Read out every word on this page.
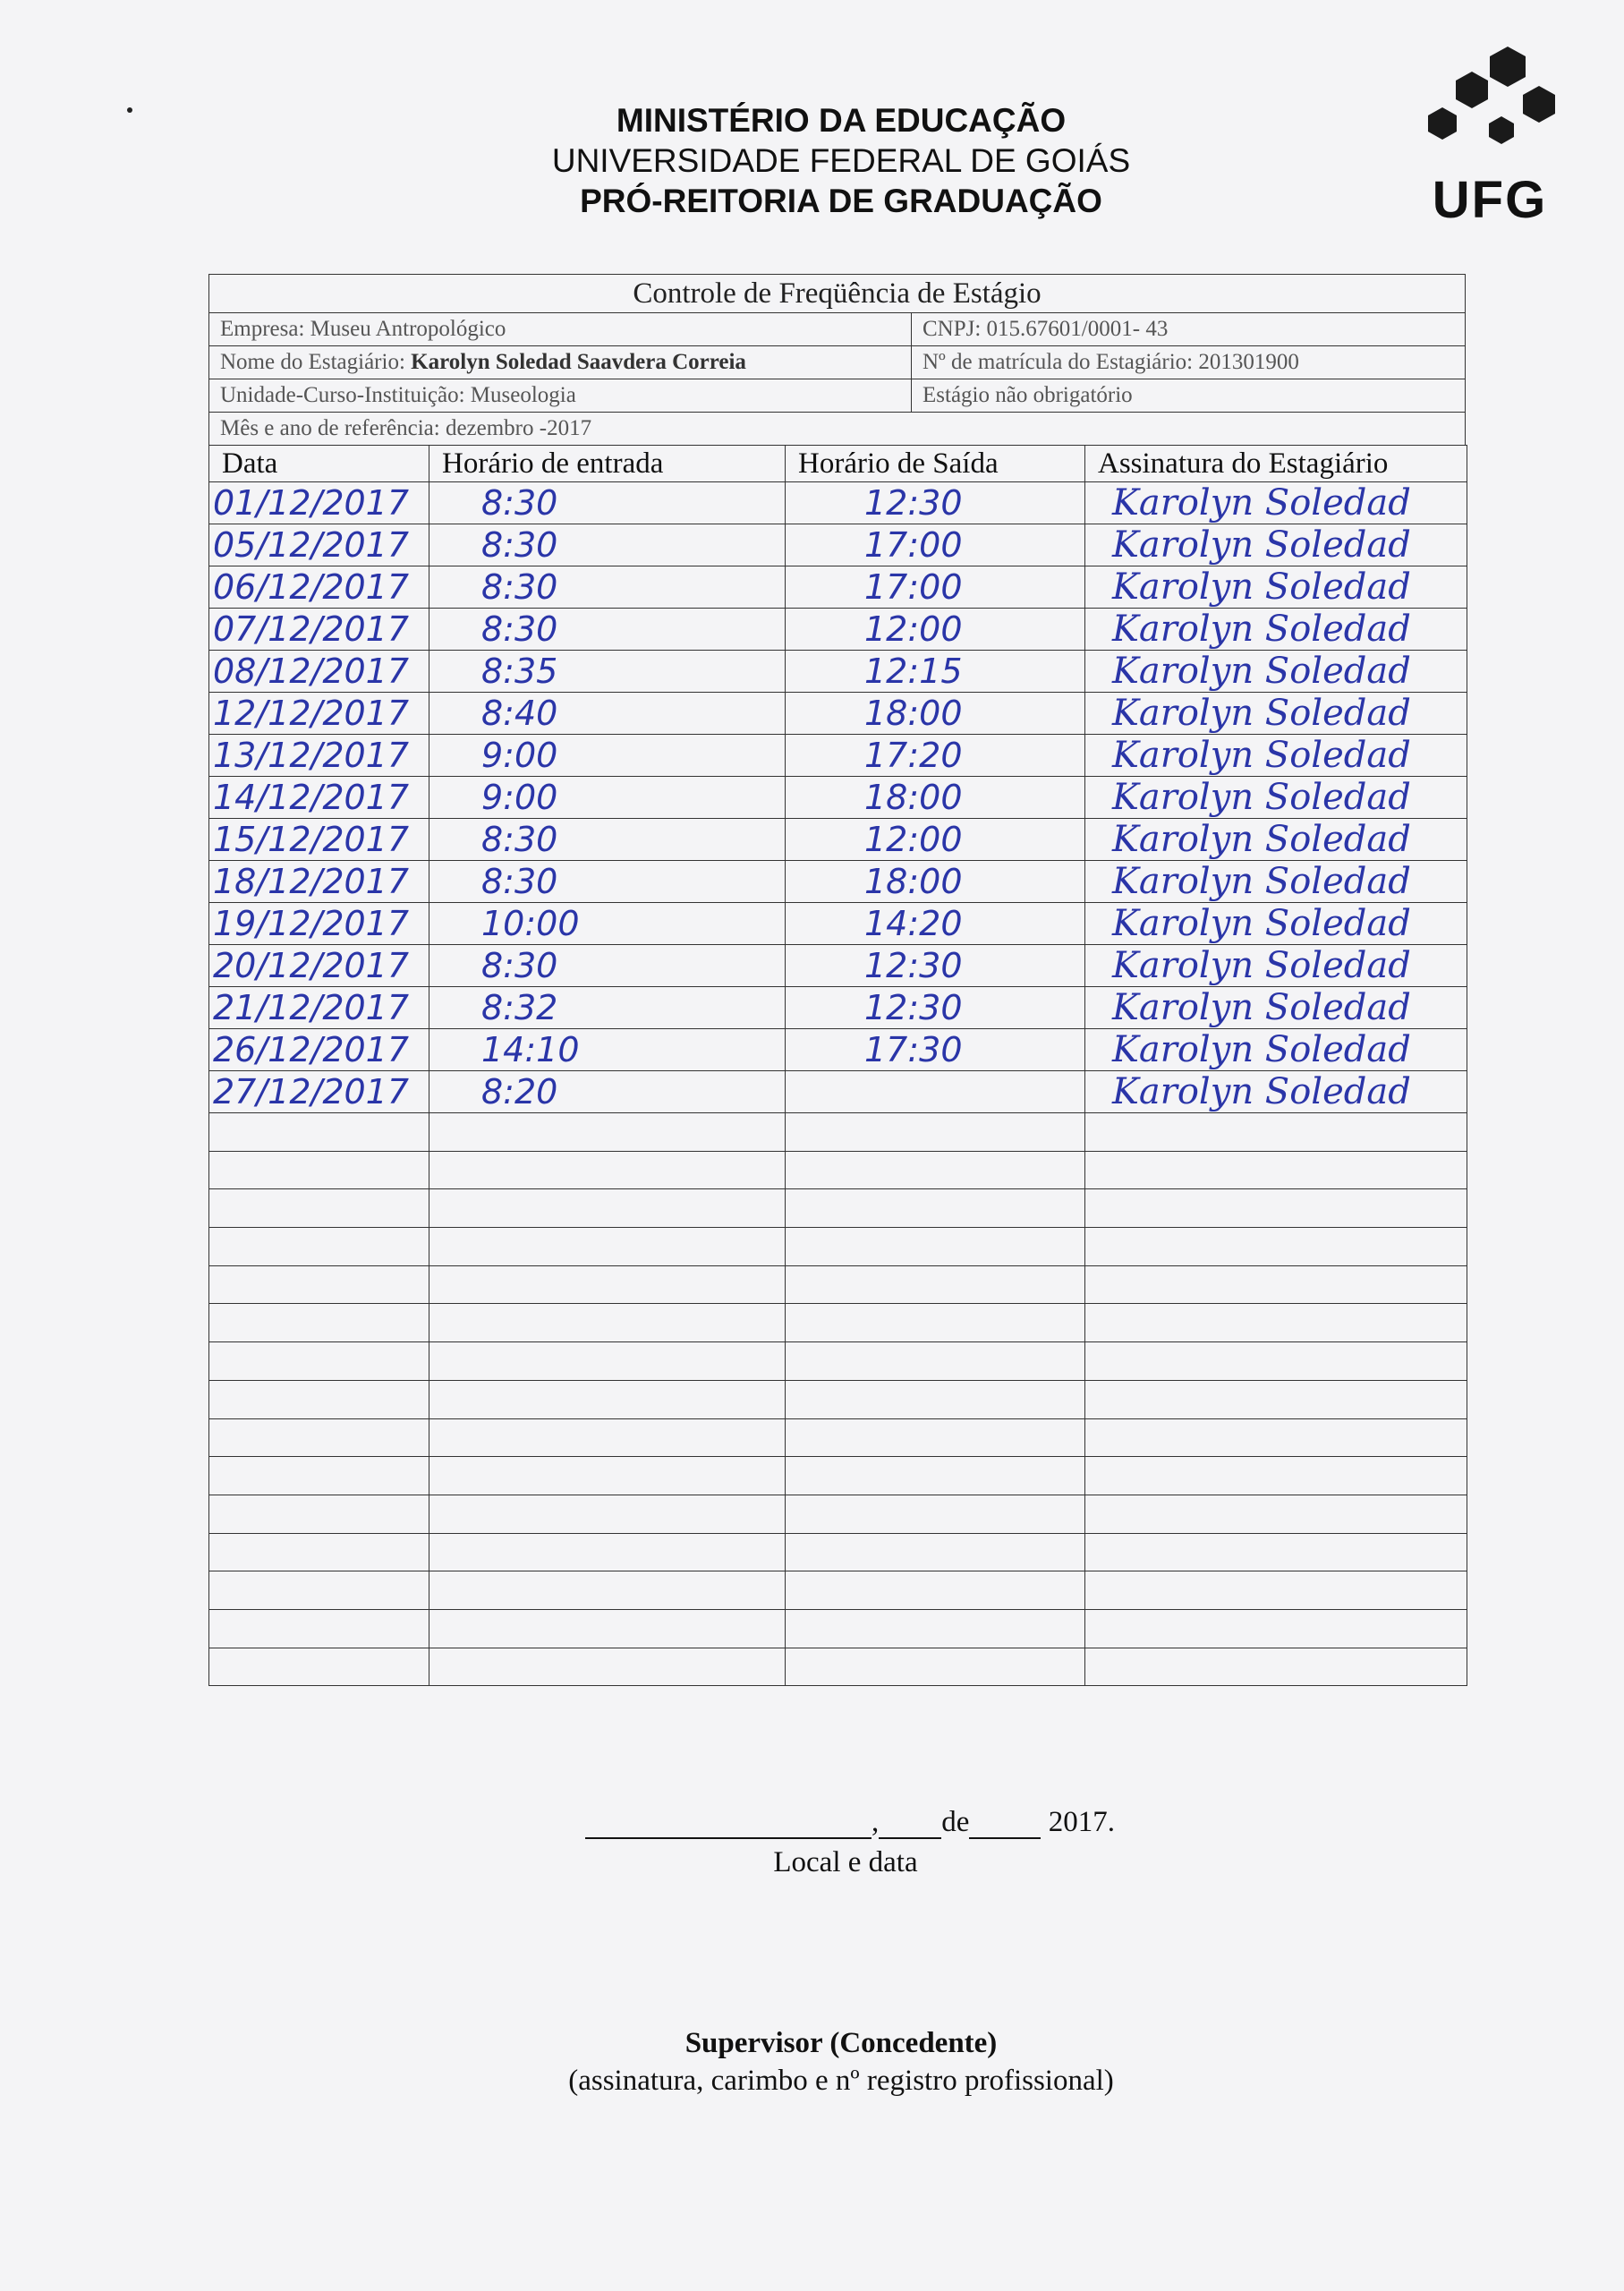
MINISTÉRIO DA EDUCAÇÃO
UNIVERSIDADE FEDERAL DE GOIÁS
PRÓ-REITORIA DE GRADUAÇÃO	UFG
Controle de Freqüência de Estágio	
Empresa: Museu Antropológico	CNPJ: 015.67601/0001- 43
Nome do Estagiário: Karolyn Soledad Saavdera Correia	Nº de matrícula do Estagiário: 201301900
Unidade-Curso-Instituição: Museologia	Estágio não obrigatório
Mês e ano de referência: dezembro -2017	
Data	Horário de entrada	Horário de Saída	Assinatura do Estagiário
01/12/2017	8:30	12:30	Karolyn Soledad
05/12/2017	8:30	17:00	Karolyn Soledad
06/12/2017	8:30	17:00	Karolyn Soledad
07/12/2017	8:30	12:00	Karolyn Soledad
08/12/2017	8:35	12:15	Karolyn Soledad
12/12/2017	8:40	18:00	Karolyn Soledad
13/12/2017	9:00	17:20	Karolyn Soledad
14/12/2017	9:00	18:00	Karolyn Soledad
15/12/2017	8:30	12:00	Karolyn Soledad
18/12/2017	8:30	18:00	Karolyn Soledad
19/12/2017	10:00	14:20	Karolyn Soledad
20/12/2017	8:30	12:30	Karolyn Soledad
21/12/2017	8:32	12:30	Karolyn Soledad
26/12/2017	14:10	17:30	Karolyn Soledad
27/12/2017	8:20		Karolyn Soledad

, de	2017.
Local e data
Supervisor (Concedente)
(assinatura, carimbo e nº registro profissional)
